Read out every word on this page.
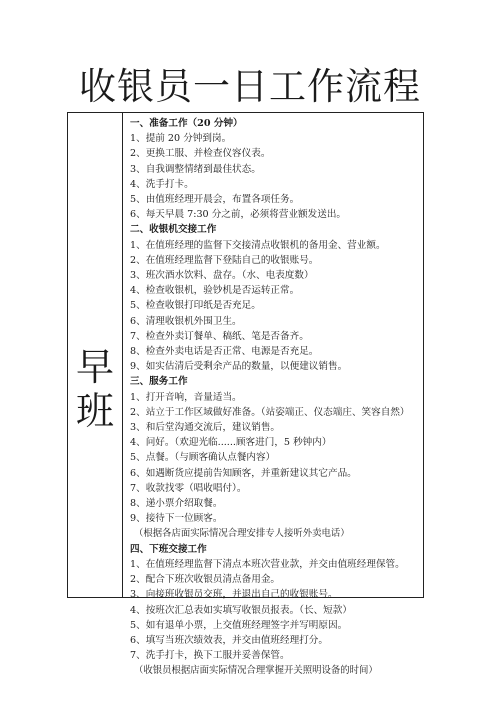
收银员一日工作流程
早班
一、准备工作（20 分钟）
1、提前 20 分钟到岗。
2、更换工服、并检查仪容仪表。
3、自我调整情绪到最佳状态。
4、洗手打卡。
5、由值班经理开晨会，布置各项任务。
6、每天早晨 7:30 分之前，必须将营业额发送出。
二、收银机交接工作
1、在值班经理的监督下交接清点收银机的备用金、营业额。
2、在值班经理监督下登陆自己的收银账号。
3、班次酒水饮料、盘存。（水、电表度数）
4、检查收银机，验钞机是否运转正常。
5、检查收银打印纸是否充足。
6、清理收银机外围卫生。
7、检查外卖订餐单、稿纸、笔是否备齐。
8、检查外卖电话是否正常、电源是否充足。
9、如实估清后受剩余产品的数量，以便建议销售。
三、服务工作
1、打开音响，音量适当。
2、站立于工作区域做好准备。（站姿端正、仪态端庄、笑容自然）
3、和后堂沟通交流后，建议销售。
4、问好。（欢迎光临......顾客进门，5 秒钟内）
5、点餐。（与顾客确认点餐内容）
6、如遇断货应提前告知顾客，并重新建议其它产品。
7、收款找零（唱收唱付）。
8、递小票介绍取餐。
9、接待下一位顾客。
（根据各店面实际情况合理安排专人接听外卖电话）
四、下班交接工作
1、在值班经理监督下清点本班次营业款，并交由值班经理保管。
2、配合下班次收银员清点备用金。
3、向接班收银员交班，并退出自己的收银账号。
4、按班次汇总表如实填写收银员报表。（长、短款）
5、如有退单小票，上交值班经理签字并写明原因。
6、填写当班次绩效表，并交由值班经理打分。
7、洗手打卡，换下工服并妥善保管。
（收银员根据店面实际情况合理掌握开关照明设备的时间）
